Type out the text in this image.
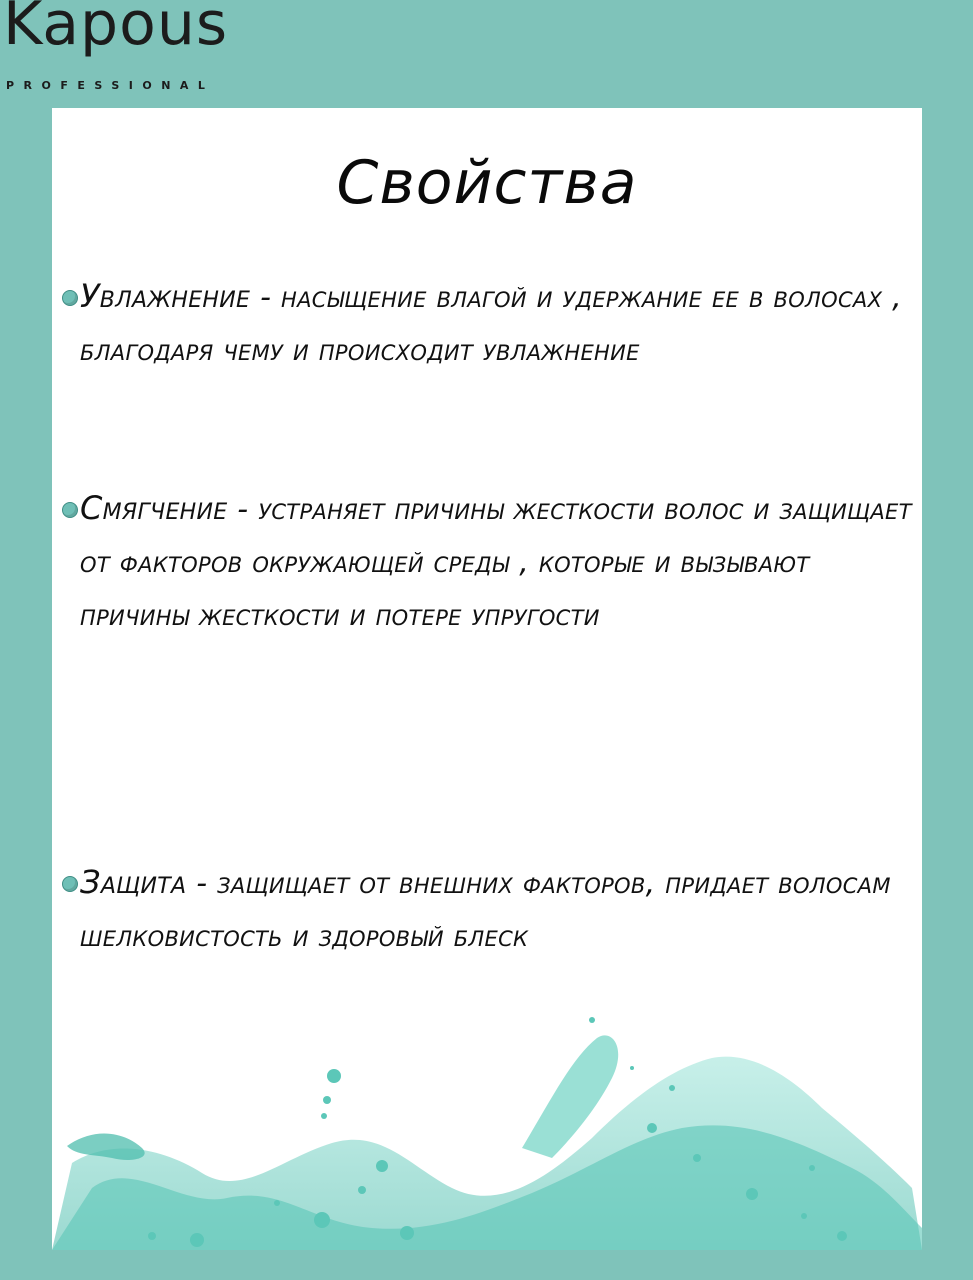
Kapous
PROFESSIONAL
Свойства
Увлажнение - насыщение влагой и удержание ее в волосах , благодаря чему и происходит увлажнение
Смягчение - устраняет причины жесткости волос и защищает от факторов окружающей среды , которые и вызывают причины жесткости и потере упругости
Защита - защищает от внешних факторов, придает волосам шелковистость и здоровый блеск
